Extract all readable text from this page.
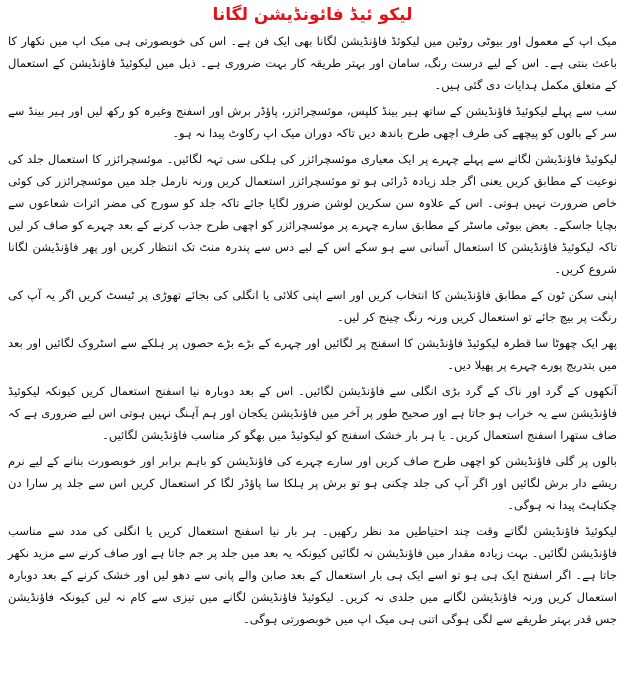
لیکو ئیڈ فائونڈیشن لگانا

میک اپ کے معمول اور بیوٹی روٹین میں لیکوئڈ فاؤنڈیشن لگانا بھی ایک فن ہے۔ اس کی خوبصورتی ہی میک اپ میں نکھار کا باعث بنتی ہے۔ اس کے لیے درست رنگ، سامان اور بہتر طریقہ کار بہت ضروری ہے۔ ذیل میں لیکوئیڈ فاؤنڈیشن کے استعمال کے متعلق مکمل ہدایات دی گئی ہیں۔

سب سے پہلے لیکوئیڈ فاؤنڈیشن کے ساتھ ہیر بینڈ کلپس، موئسچرائزر، پاؤڈر برش اور اسفنج وغیرہ کو رکھ لیں اور ہیر بینڈ سے سر کے بالوں کو پیچھے کی طرف اچھی طرح باندھ دیں تاکہ دوران میک اپ رکاوٹ پیدا نہ ہو۔

لیکوئیڈ فاؤنڈیشن لگانے سے پہلے چہرے پر ایک معیاری موئسچرائزر کی ہلکی سی تہہ لگائیں۔ موئسچرائزر کا استعمال جلد کی نوعیت کے مطابق کریں یعنی اگر جلد زیادہ ڈرائی ہو تو موئسچرائزر استعمال کریں ورنہ نارمل جلد میں موئسچرائزر کی کوئی خاص ضرورت نہیں ہوتی۔ اس کے علاوہ سن سکرین لوشن ضرور لگایا جائے تاکہ جلد کو سورج کی مضر اثرات شعاعوں سے بچایا جاسکے۔ بعض بیوٹی ماسٹر کے مطابق سارے چہرے پر موئسچرائزر کو اچھی طرح جذب کرنے کے بعد چہرے کو صاف کر لیں تاکہ لیکوئیڈ فاؤنڈیشن کا استعمال آسانی سے ہو سکے اس کے لیے دس سے پندرہ منٹ تک انتظار کریں اور پھر فاؤنڈیشن لگانا شروع کریں۔

اپنی سکن ٹون کے مطابق فاؤنڈیشن کا انتخاب کریں اور اسے اپنی کلائی یا انگلی کی بجائے تھوڑی پر ٹیسٹ کریں اگر یہ آپ کی رنگت پر بیچ جائے تو استعمال کریں ورنہ رنگ چینج کر لیں۔

پھر ایک چھوٹا سا قطرہ لیکوئیڈ فاؤنڈیشن کا اسفنج پر لگائیں اور چہرے کے بڑے بڑے حصوں پر ہلکے سے اسٹروک لگائیں اور بعد میں بتدریج پورے چہرے پر پھیلا دیں۔

آنکھوں کے گرد اور ناک کے گرد بڑی انگلی سے فاؤنڈیشن لگائیں۔ اس کے بعد دوبارہ نیا اسفنج استعمال کریں کیونکہ لیکوئیڈ فاؤنڈیشن سے یہ خراب ہو جاتا ہے اور صحیح طور پر آخر میں فاؤنڈیشن یکجان اور ہم آہنگ نہیں ہوتی اس لیے ضروری ہے کہ صاف ستھرا اسفنج استعمال کریں۔ یا ہر بار خشک اسفنج کو لیکوئیڈ میں بھگو کر مناسب فاؤنڈیشن لگائیں۔

بالوں پر گلی فاؤنڈیشن کو اچھی طرح صاف کریں اور سارے چہرے کی فاؤنڈیشن کو باہم برابر اور خوبصورت بنانے کے لیے نرم ریشے دار برش لگائیں اور اگر آپ کی جلد چکنی ہو تو برش پر ہلکا سا پاؤڈر لگا کر استعمال کریں اس سے جلد پر سارا دن چکناہٹ پیدا نہ ہوگی۔

لیکوئیڈ فاؤنڈیشن لگاتے وقت چند احتیاطیں مد نظر رکھیں۔ ہر بار نیا اسفنج استعمال کریں یا انگلی کی مدد سے مناسب فاؤنڈیشن لگائیں۔ بہت زیادہ مقدار میں فاؤنڈیشن نہ لگائیں کیونکہ یہ بعد میں جلد پر جم جاتا ہے اور صاف کرنے سے مزید نکھر جاتا ہے۔ اگر اسفنج ایک ہی ہو تو اسے ایک ہی بار استعمال کے بعد صابن والے پانی سے دھو لیں اور خشک کرنے کے بعد دوبارہ استعمال کریں ورنہ فاؤنڈیشن لگانے میں جلدی نہ کریں۔ لیکوئیڈ فاؤنڈیشن لگانے میں تیزی سے کام نہ لیں کیونکہ فاؤنڈیشن جس قدر بہتر طریقے سے لگی ہوگی اتنی ہی میک اپ میں خوبصورتی ہوگی۔
